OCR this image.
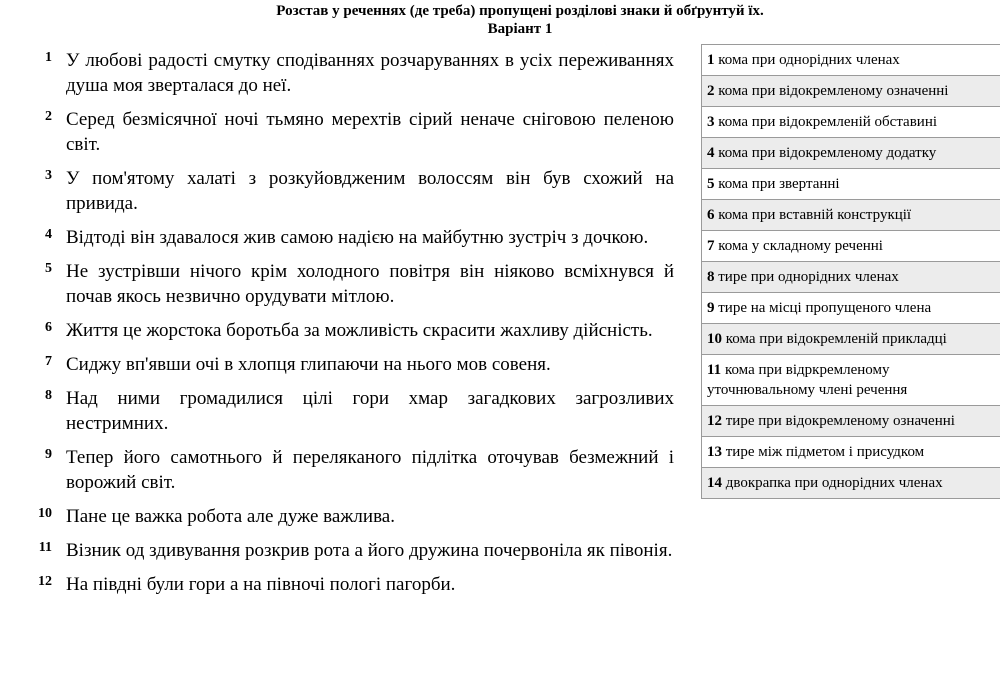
Розстав у реченнях (де треба) пропущені розділові знаки й обґрунтуй їх.
Варіант 1
1 У любові радості смутку сподіваннях розчаруваннях в усіх переживаннях душа моя зверталася до неї.
2 Серед безмісячної ночі тьмяно мерехтів сірий неначе сніговою пеленою світ.
3 У пом'ятому халаті з розкуйовдженим волоссям він був схожий на привида.
4 Відтоді він здавалося жив самою надією на майбутню зустріч з дочкою.
5 Не зустрівши нічого крім холодного повітря він ніяково всміхнувся й почав якось незвично орудувати мітлою.
6 Життя це жорстока боротьба за можливість скрасити жахливу дійсність.
7 Сиджу вп'явши очі в хлопця глипаючи на нього мов совеня.
8 Над ними громадилися цілі гори хмар загадкових загрозливих нестримних.
9 Тепер його самотнього й переляканого підлітка оточував безмежний і ворожий світ.
10 Пане це важка робота але дуже важлива.
11 Візник од здивування розкрив рота а його дружина почервоніла як півонія.
12 На півдні були гори а на півночі пологі пагорби.
1 кома при однорідних членах
2 кома при відокремленому означенні
3 кома при відокремленій обставині
4 кома при відокремленому додатку
5 кома при звертанні
6 кома при вставній конструкції
7 кома у складному реченні
8 тире при однорідних членах
9 тире на місці пропущеного члена
10 кома при відокремленій прикладці
11 кома при відркремленому уточнювальному члені речення
12 тире при відокремленому означенні
13 тире між підметом і присудком
14 двокрапка при однорідних членах
